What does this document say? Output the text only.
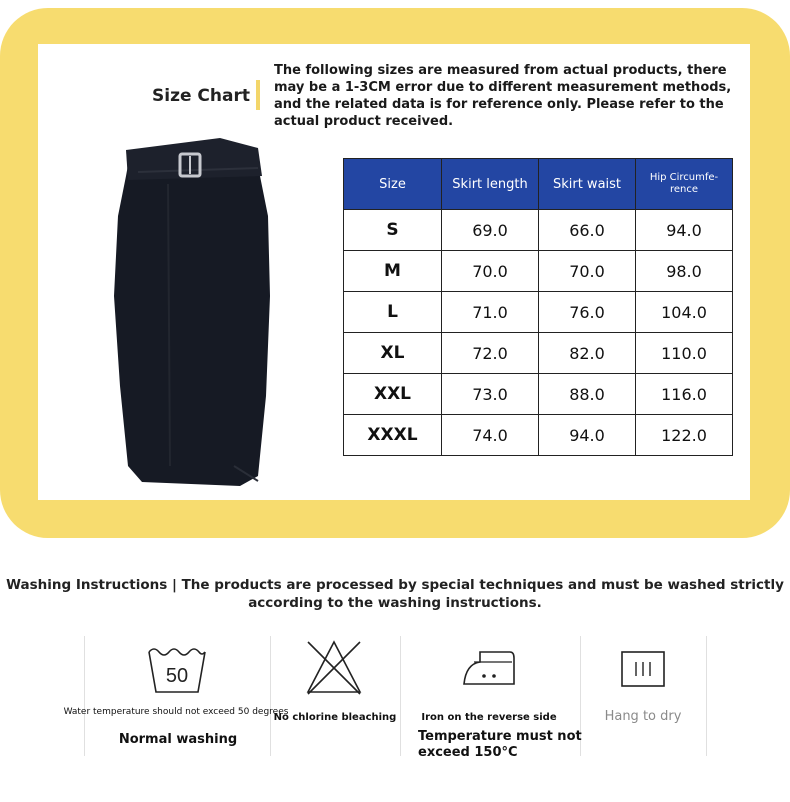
Size Chart
The following sizes are measured from actual products, there may be a 1-3CM error due to different measurement methods, and the related data is for reference only. Please refer to the actual product received.
Size	Skirt length	Skirt waist	Hip Circumfe-rence
S	69.0	66.0	94.0
M	70.0	70.0	98.0
L	71.0	76.0	104.0
XL	72.0	82.0	110.0
XXL	73.0	88.0	116.0
XXXL	74.0	94.0	122.0
Washing Instructions | The products are processed by special techniques and must be washed strictly according to the washing instructions.
50
Water temperature should not exceed 50 degrees
Normal washing
No chlorine bleaching	Iron on the reverse side
Temperature must not exceed 150°C
Hang to dry
